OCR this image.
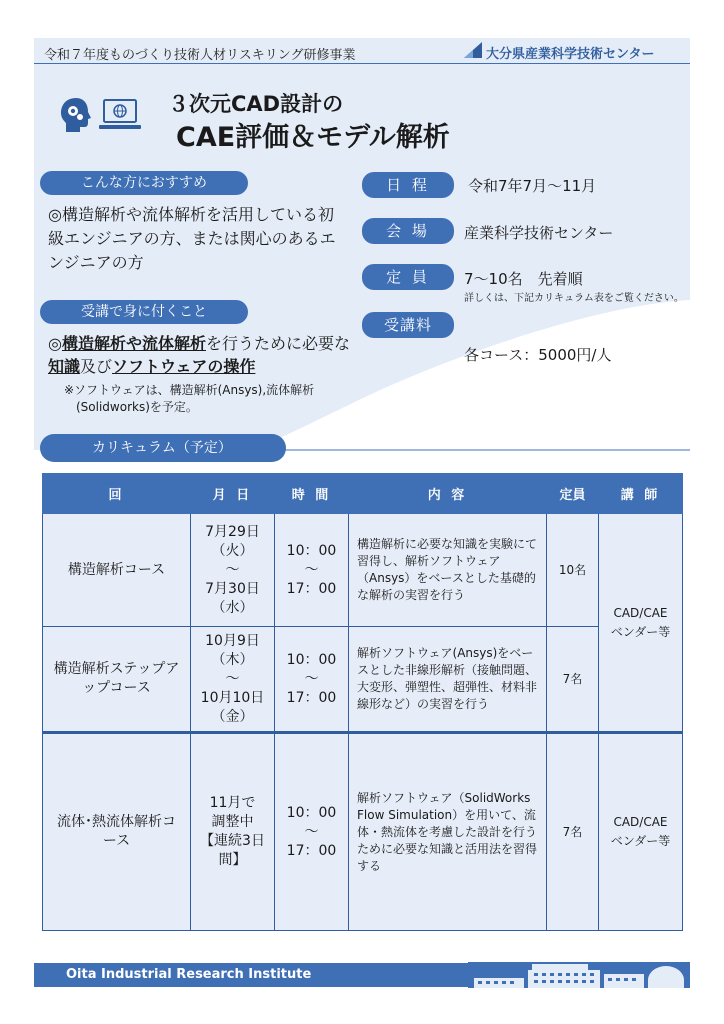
令和７年度ものづくり技術人材リスキリング研修事業	大分県産業科学技術センター
３次元CAD設計の
CAE評価＆モデル解析
こんな方におすすめ
◎構造解析や流体解析を活用している初級エンジニアの方、または関心のあるエンジニアの方
受講で身に付くこと
◎構造解析や流体解析を行うために必要な知識及びソフトウェアの操作
※ソフトウェアは、構造解析(Ansys),流体解析
(Solidworks)を予定。
日 程	令和7年7月～11月
会 場	産業科学技術センター
定 員	7～10名　先着順
詳しくは、下記カリキュラム表をご覧ください。
受講料
各コース：5000円/人
カリキュラム（予定）
回	月 日	時 間	内 容	定員	講 師
構造解析コース	7月29日
（火）
～
7月30日
（水）	10：00
～
17：00	構造解析に必要な知識を実験にて習得し、解析ソフトウェア（Ansys）をベースとした基礎的な解析の実習を行う	10名	CAD/CAE
ベンダー等
構造解析ステップアップコース	10月9日
（木）
～
10月10日
（金）	10：00
～
17：00	解析ソフトウェア(Ansys)をベースとした非線形解析（接触問題、大変形、弾塑性、超弾性、材料非線形など）の実習を行う	7名	
流体･熱流体解析コース	11月で
調整中
【連続3日
間】	10：00
～
17：00	解析ソフトウェア（SolidWorks Flow Simulation）を用いて、流体・熱流体を考慮した設計を行うために必要な知識と活用法を習得する	7名	CAD/CAE
ベンダー等
Oita Industrial Research Institute
